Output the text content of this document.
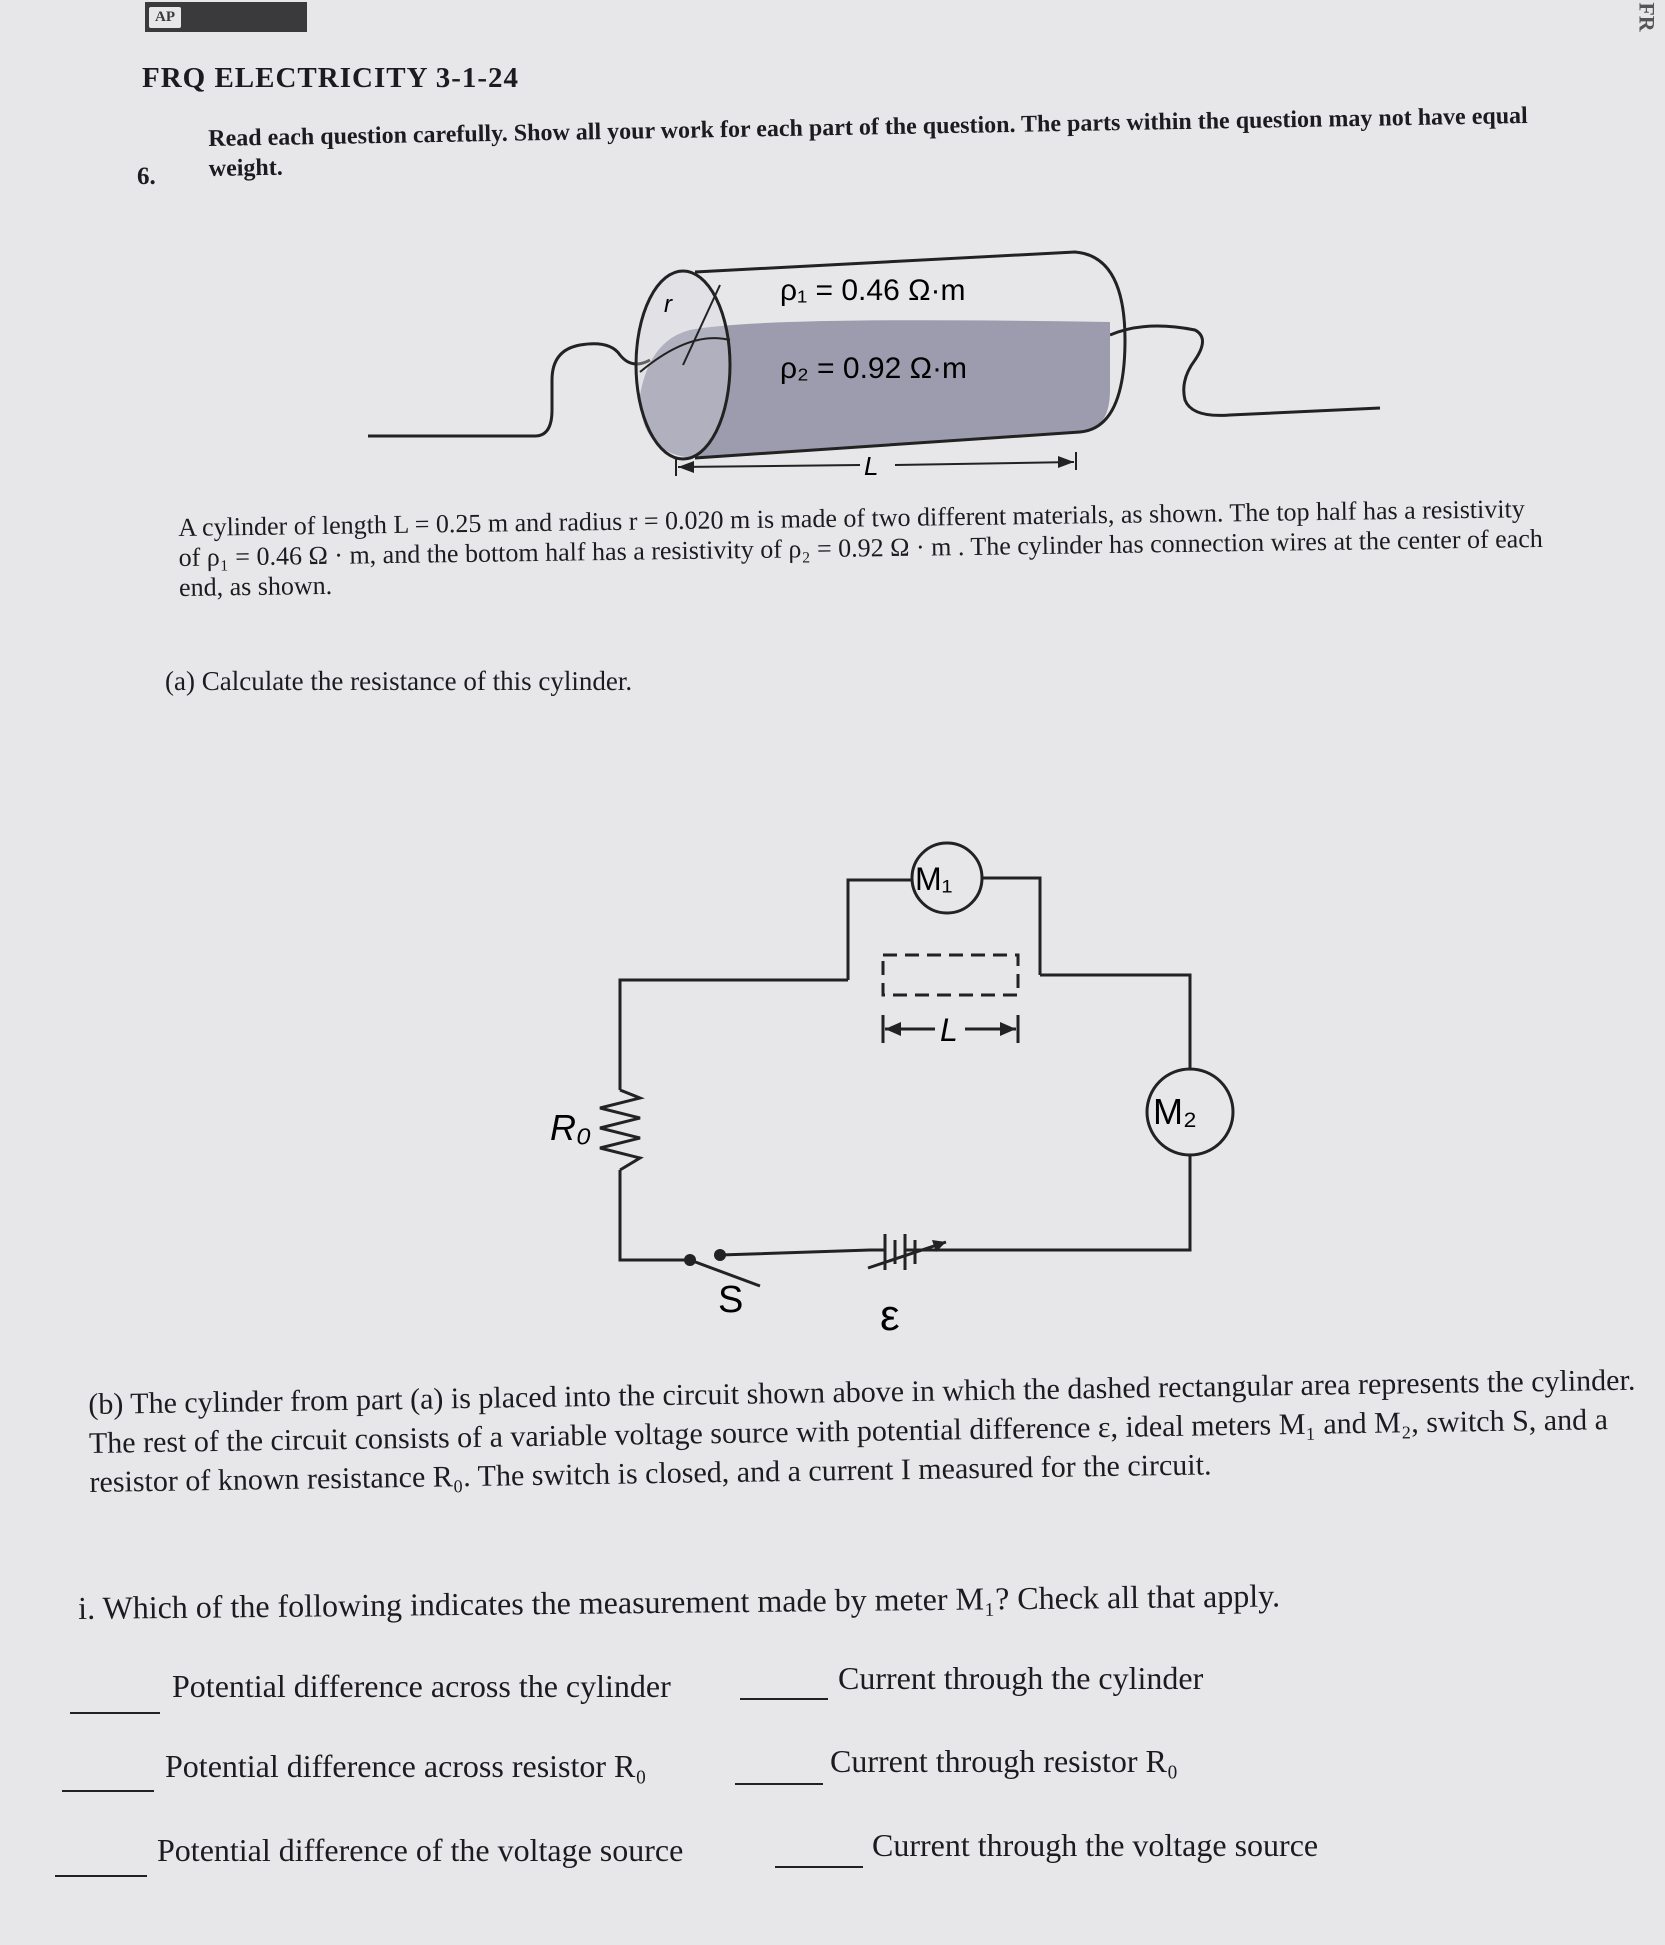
AP	FR
FRQ ELECTRICITY 3-1-24
6.
Read each question carefully. Show all your work for each part of the question. The parts within the question may not have equal weight.
r	ρ₁ = 0.46 Ω·m
ρ₂ = 0.92 Ω·m
L
A cylinder of length L = 0.25 m and radius r = 0.020 m is made of two different materials, as shown. The top half has a resistivity of ρ₁ = 0.46 Ω · m, and the bottom half has a resistivity of ρ₂ = 0.92 Ω · m . The cylinder has connection wires at the center of each end, as shown.
(a) Calculate the resistance of this cylinder.
M₁
M₂
L
R₀
S	ε
(b) The cylinder from part (a) is placed into the circuit shown above in which the dashed rectangular area represents the cylinder. The rest of the circuit consists of a variable voltage source with potential difference ε, ideal meters M₁ and M₂, switch S, and a resistor of known resistance R₀. The switch is closed, and a current I measured for the circuit.
i. Which of the following indicates the measurement made by meter M₁? Check all that apply.
Potential difference across the cylinder	Current through the cylinder
Potential difference across resistor R₀	Current through resistor R₀
Potential difference of the voltage source	Current through the voltage source
